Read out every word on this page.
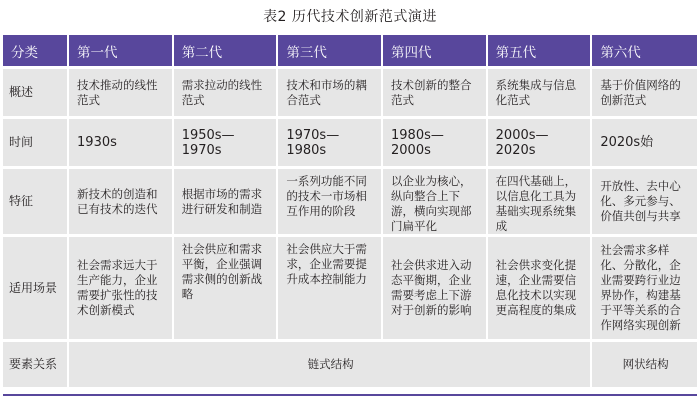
表2 历代技术创新范式演进
分类	第一代	第二代	第三代	第四代	第五代	第六代
概述	技术推动的线性范式	需求拉动的线性范式	技术和市场的耦合范式	技术创新的整合范式	系统集成与信息化范式	基于价值网络的创新范式
时间	1930s	1950s—1970s	1970s—1980s	1980s—2000s	2000s—2020s	2020s始
特征	新技术的创造和已有技术的迭代	根据市场的需求进行研发和制造	一系列功能不同的技术一市场相互作用的阶段	以企业为核心，纵向整合上下游，横向实现部门扁平化	在四代基础上，以信息化工具为基础实现系统集成	开放性、去中心化、多元参与、价值共创与共享
适用场景	社会需求远大于生产能力，企业需要扩张性的技术创新模式	社会供应和需求平衡，企业强调需求侧的创新战略	社会供应大于需求，企业需要提升成本控制能力	社会供求进入动态平衡期，企业需要考虑上下游对于创新的影响	社会供求变化提速，企业需要信息化技术以实现更高程度的集成	社会需求多样化、分散化，企业需要跨行业边界协作，构建基于平等关系的合作网络实现创新
要素关系	链式结构					网状结构
